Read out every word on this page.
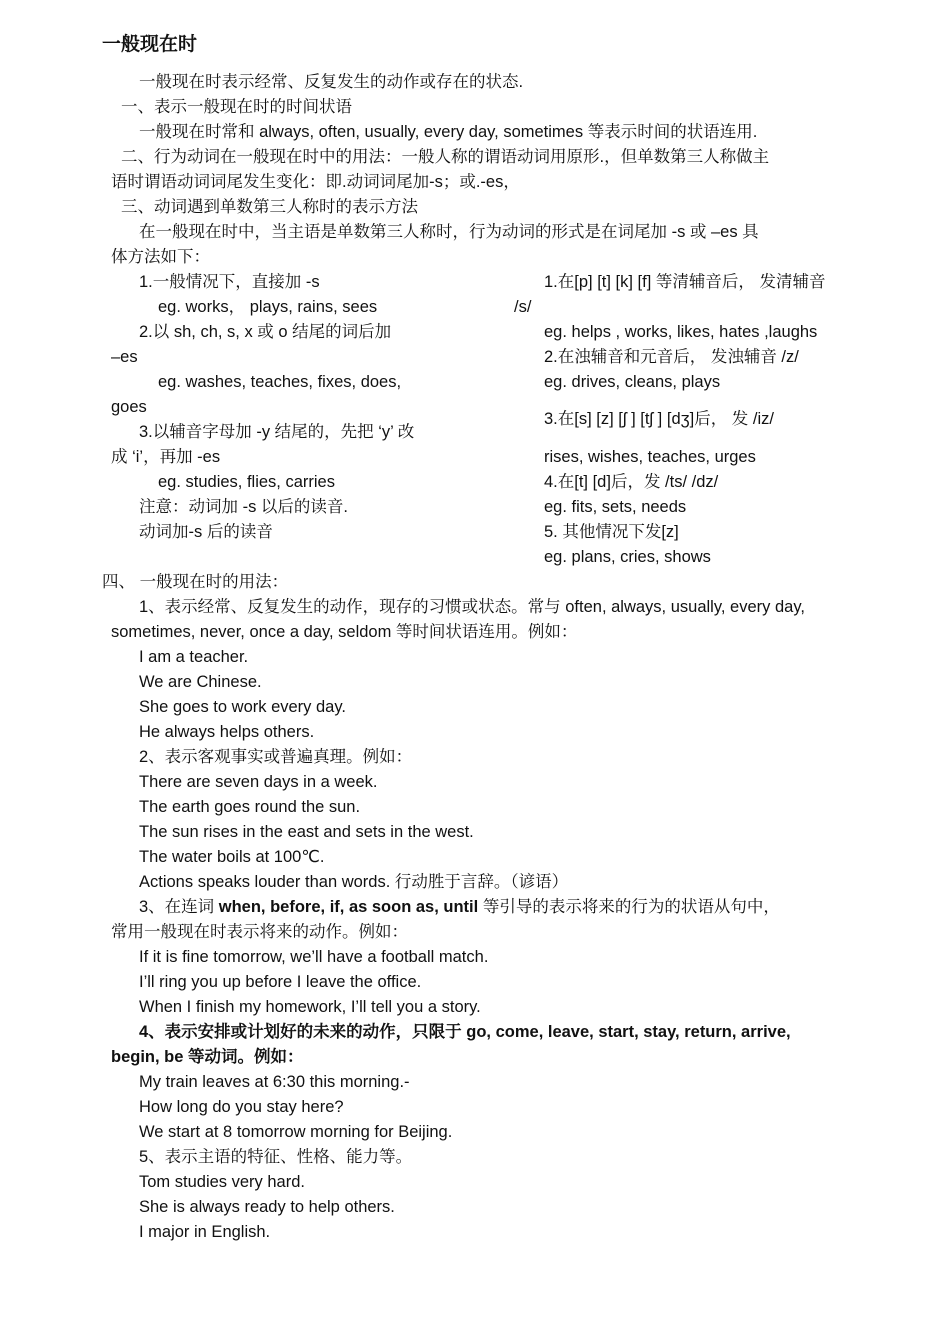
一般现在时
一般现在时表示经常、反复发生的动作或存在的状态.
一、表示一般现在时的时间状语
一般现在时常和 always, often, usually, every day, sometimes 等表示时间的状语连用.
二、行为动词在一般现在时中的用法：一般人称的谓语动词用原形.，但单数第三人称做主
语时谓语动词词尾发生变化：即.动词词尾加-s；或.-es，
三、动词遇到单数第三人称时的表示方法
在一般现在时中，当主语是单数第三人称时，行为动词的形式是在词尾加 -s 或 –es 具
体方法如下：
1.一般情况下，直接加 -s
eg. works， plays, rains, sees
2.以 sh, ch, s, x 或 o 结尾的词后加
–es
eg. washes, teaches, fixes, does,
goes
3.以辅音字母加 -y 结尾的，先把 ‘y’ 改
成 ‘i’，再加 -es
eg. studies, flies, carries
注意：动词加 -s 以后的读音.
动词加-s 后的读音
1.在[p] [t] [k] [f] 等清辅音后， 发清辅音
/s/
eg. helps , works, likes, hates ,laughs
2.在浊辅音和元音后， 发浊辅音 /z/
eg. drives, cleans, plays
3.在[s] [z] [ʃ ] [tʃ ] [dʒ]后， 发 /iz/
rises, wishes, teaches, urges
4.在[t] [d]后，发 /ts/ /dz/
eg. fits, sets, needs
5. 其他情况下发[z]
eg. plans, cries, shows
四、 一般现在时的用法：
1、表示经常、反复发生的动作，现存的习惯或状态。常与 often, always, usually, every day,
sometimes, never, once a day, seldom 等时间状语连用。例如：
I am a teacher.
We are Chinese.
She goes to work every day.
He always helps others.
2、表示客观事实或普遍真理。例如：
There are seven days in a week.
The earth goes round the sun.
The sun rises in the east and sets in the west.
The water boils at 100℃.
Actions speaks louder than words. 行动胜于言辞。（谚语）
3、在连词 when, before, if, as soon as, until 等引导的表示将来的行为的状语从句中，
常用一般现在时表示将来的动作。例如：
If it is fine tomorrow, we’ll have a football match.
I’ll ring you up before I leave the office.
When I finish my homework, I’ll tell you a story.
4、表示安排或计划好的未来的动作，只限于 go, come, leave, start, stay, return, arrive,
begin, be 等动词。例如：
My train leaves at 6:30 this morning.-
How long do you stay here?
We start at 8 tomorrow morning for Beijing.
5、表示主语的特征、性格、能力等。
Tom studies very hard.
She is always ready to help others.
I major in English.
